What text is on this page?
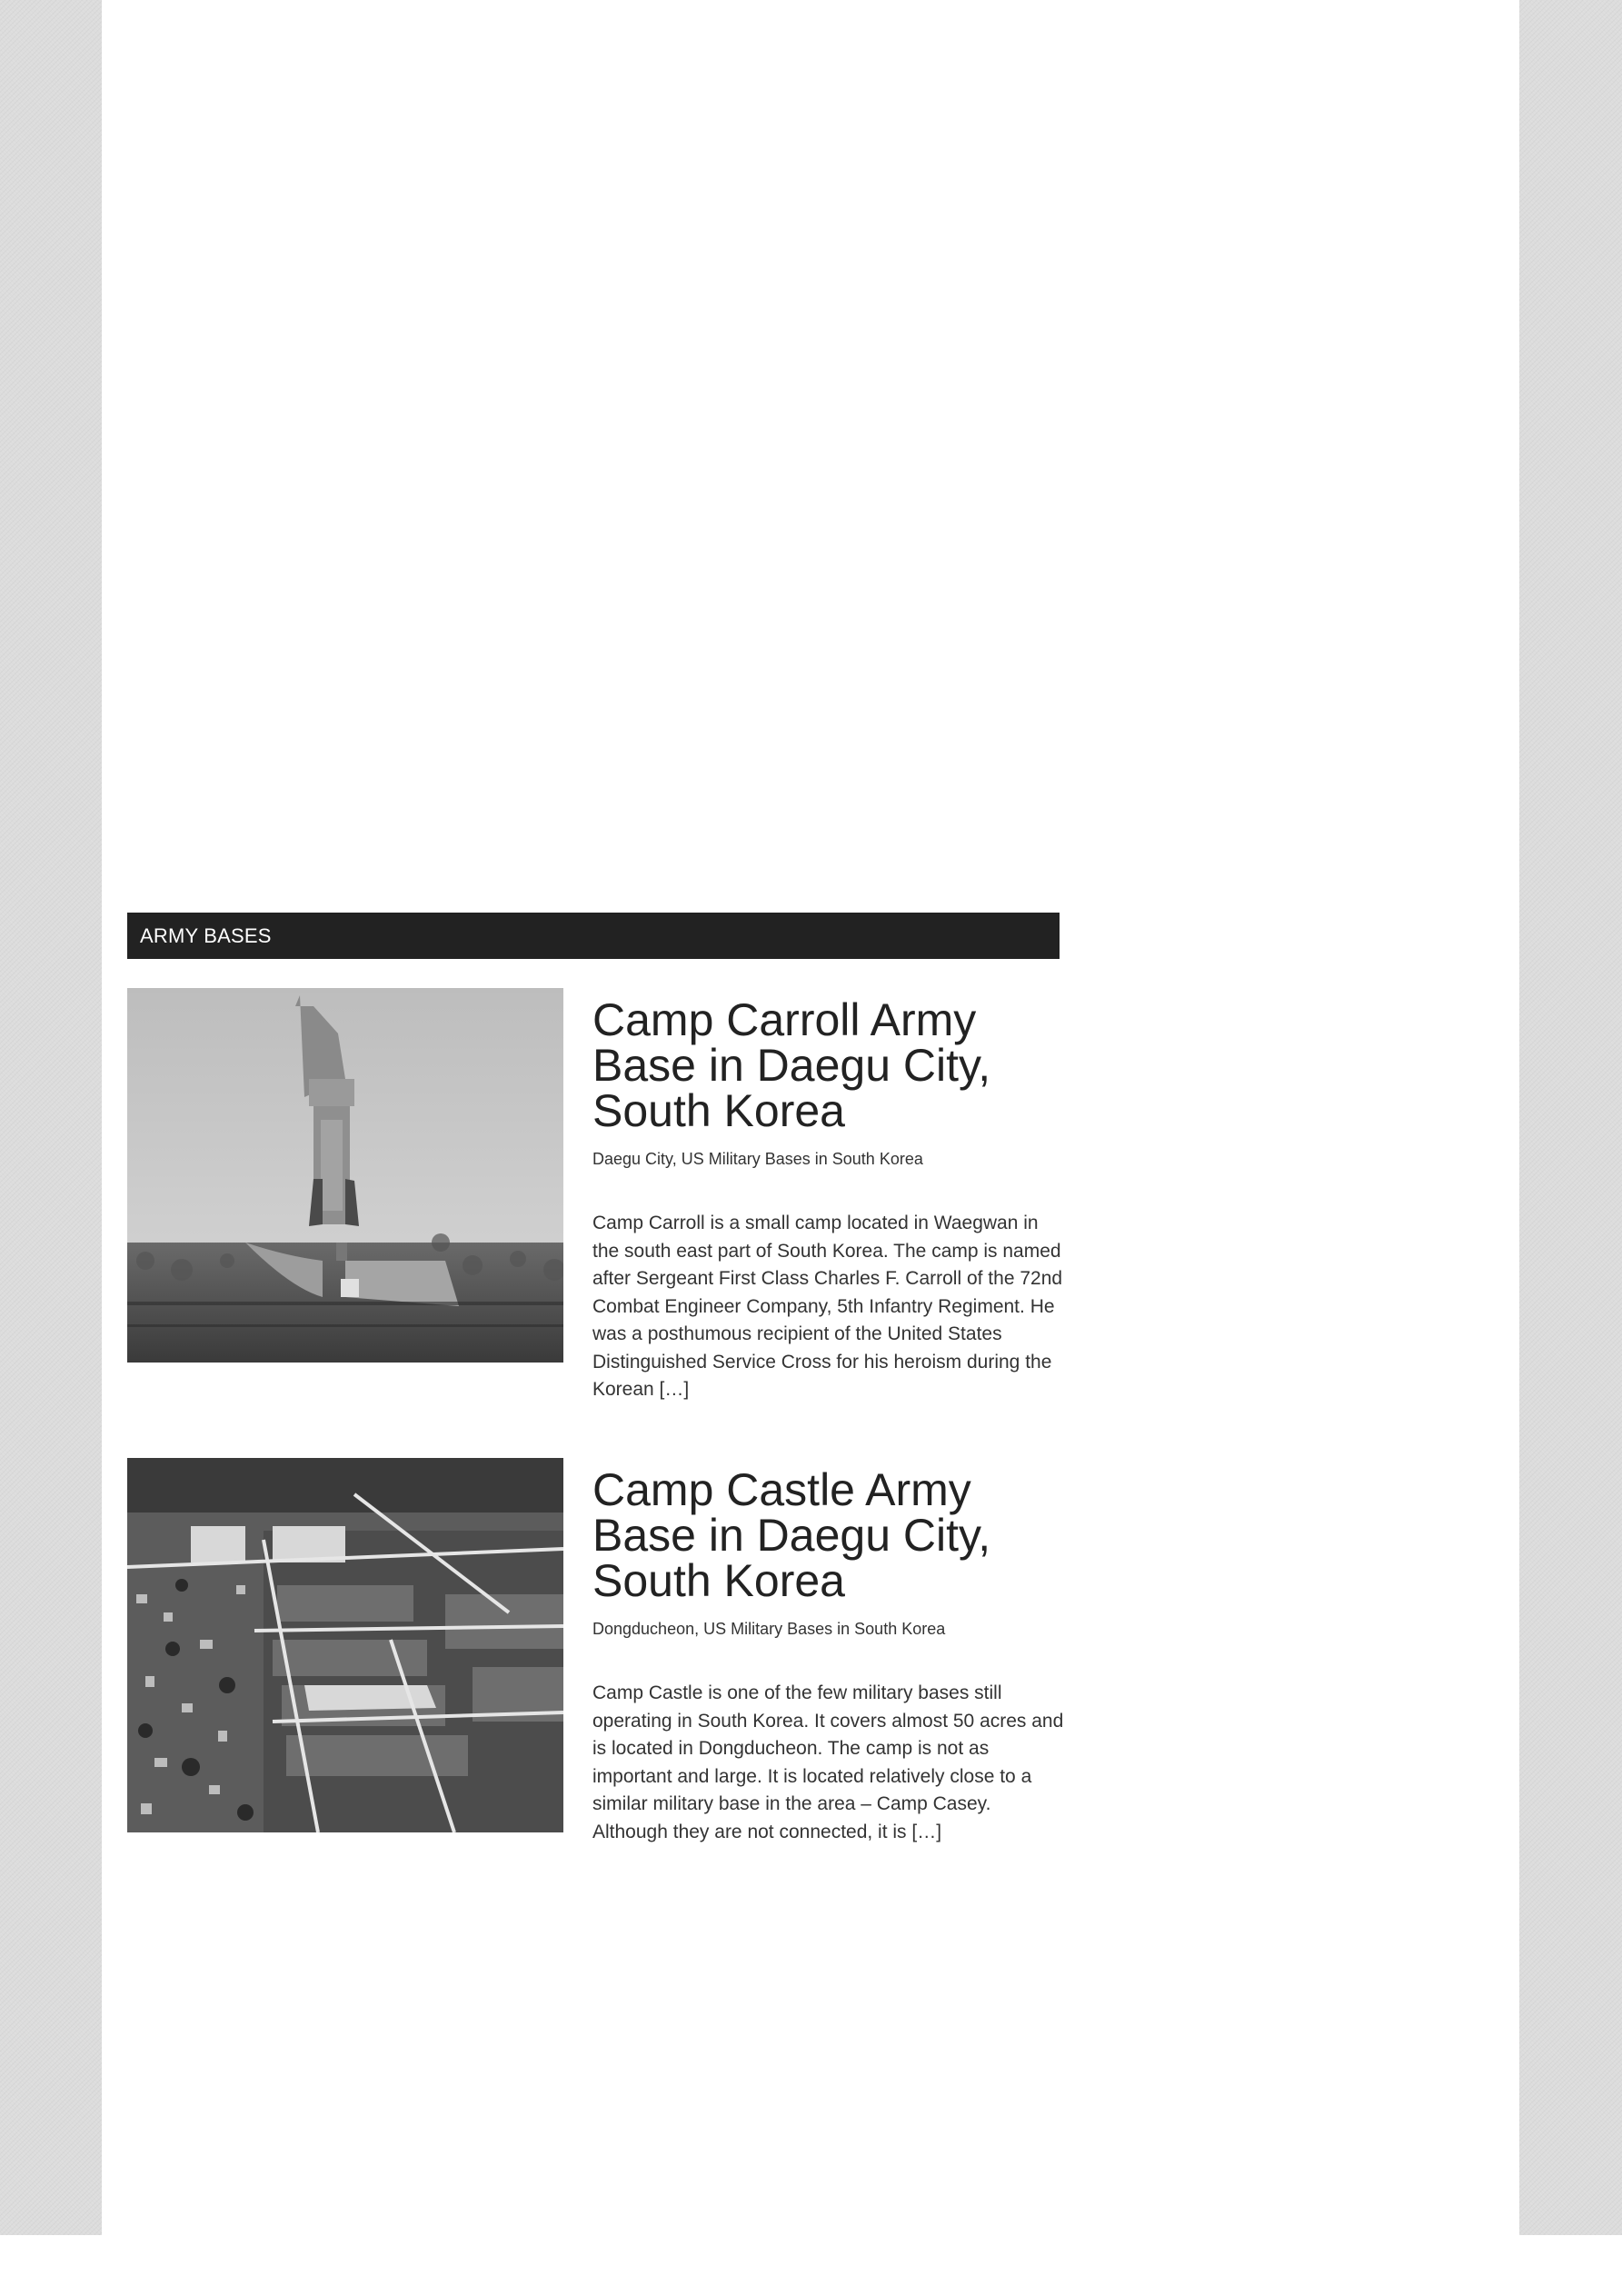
ARMY BASES
Camp Carroll Army Base in Daegu City, South Korea
Daegu City, US Military Bases in South Korea
Camp Carroll is a small camp located in Waegwan in the south east part of South Korea. The camp is named after Sergeant First Class Charles F. Carroll of the 72nd Combat Engineer Company, 5th Infantry Regiment. He was a posthumous recipient of the United States Distinguished Service Cross for his heroism during the Korean […]
Camp Castle Army Base in Daegu City, South Korea
Dongducheon, US Military Bases in South Korea
Camp Castle is one of the few military bases still operating in South Korea. It covers almost 50 acres and is located in Dongducheon. The camp is not as important and large. It is located relatively close to a similar military base in the area – Camp Casey. Although they are not connected, it is […]
